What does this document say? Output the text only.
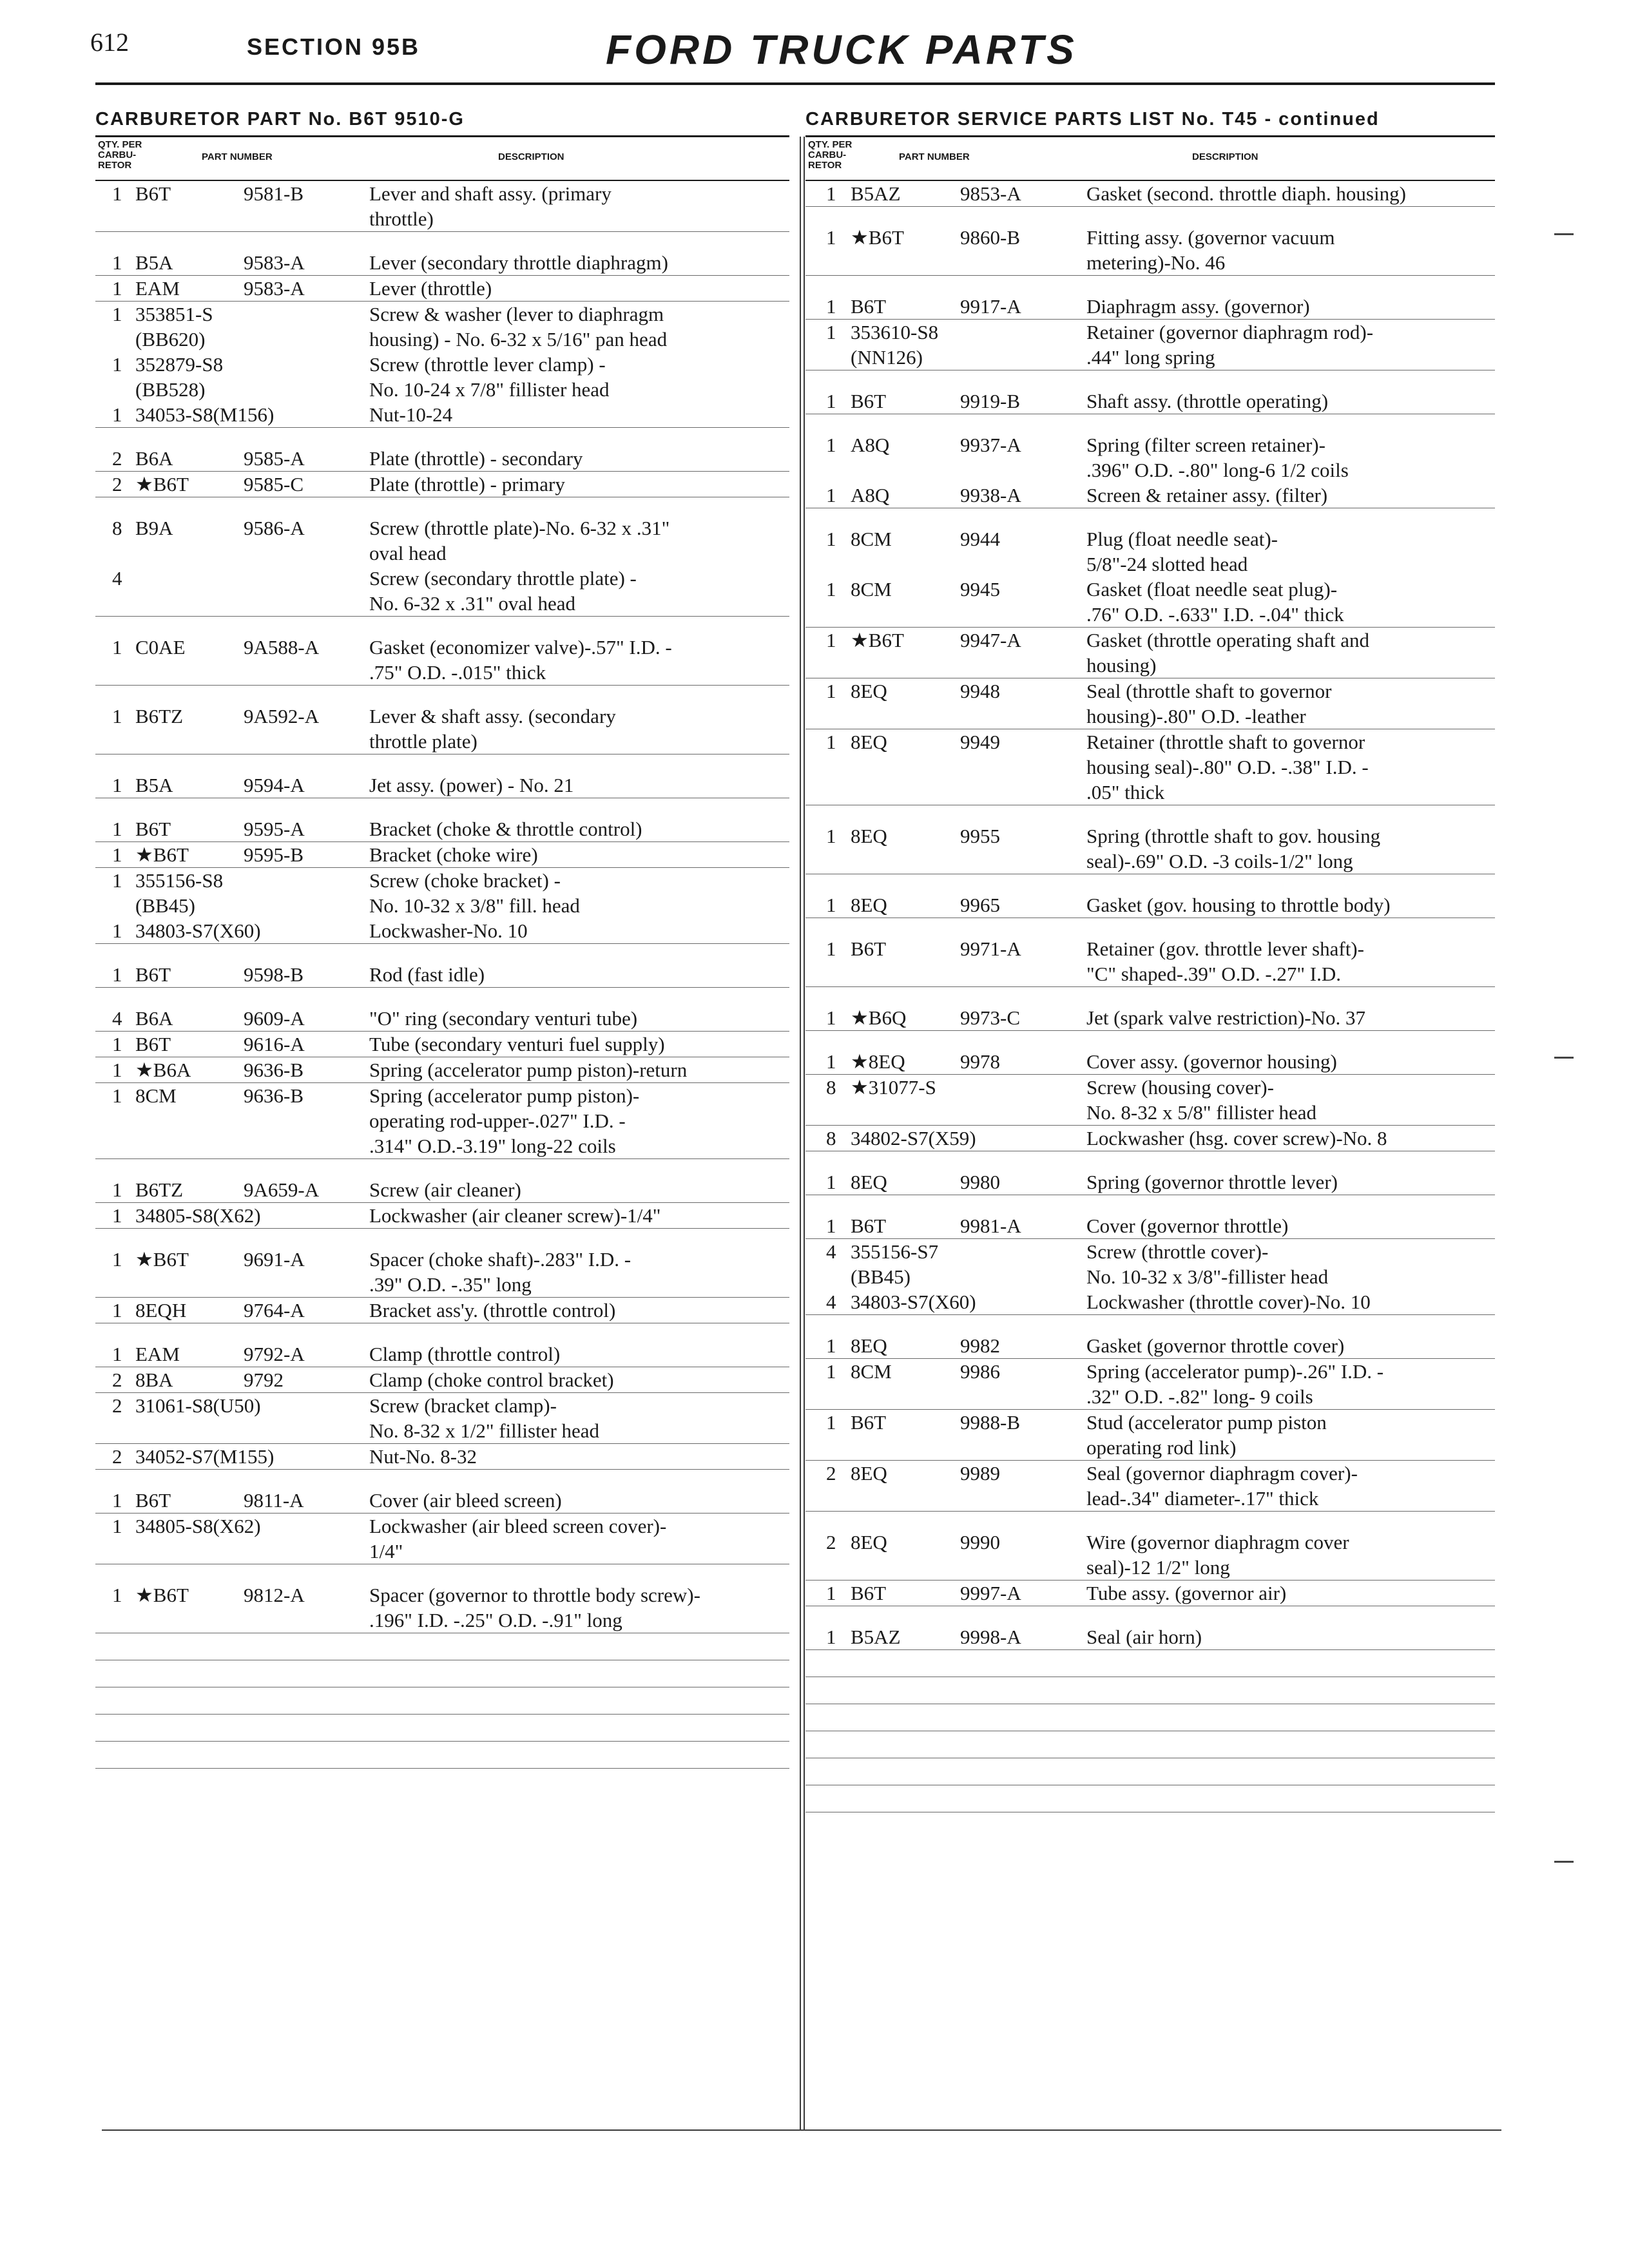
612	SECTION 95B	FORD TRUCK PARTS
CARBURETOR PART No. B6T 9510-G
QTY. PER CARBU- RETOR
PART NUMBER	DESCRIPTION
1 B6T	9581-B	Lever and shaft assy. (primary
throttle)
1 B5A	9583-A	Lever (secondary throttle diaphragm)
1 EAM	9583-A	Lever (throttle)
1 353851-S	Screw & washer (lever to diaphragm
(BB620)	housing) - No. 6-32 x 5/16" pan head
1 352879-S8	Screw (throttle lever clamp) -
(BB528)	No. 10-24 x 7/8" fillister head
1 34053-S8(M156)	Nut-10-24
2 B6A	9585-A	Plate (throttle) - secondary
2 ★B6T	9585-C	Plate (throttle) - primary
8 B9A	9586-A	Screw (throttle plate)-No. 6-32 x .31"
oval head
4	Screw (secondary throttle plate) -
No. 6-32 x .31" oval head
1 C0AE	9A588-A	Gasket (economizer valve)-.57" I.D. -
.75" O.D. -.015" thick
1 B6TZ	9A592-A	Lever & shaft assy. (secondary
throttle plate)
1 B5A	9594-A	Jet assy. (power) - No. 21
1 B6T	9595-A	Bracket (choke & throttle control)
1 ★B6T	9595-B	Bracket (choke wire)
1 355156-S8	Screw (choke bracket) -
(BB45)	No. 10-32 x 3/8" fill. head
1 34803-S7(X60)	Lockwasher-No. 10
1 B6T	9598-B	Rod (fast idle)
4 B6A	9609-A	"O" ring (secondary venturi tube)
1 B6T	9616-A	Tube (secondary venturi fuel supply)
1 ★B6A	9636-B	Spring (accelerator pump piston)-return
1 8CM	9636-B	Spring (accelerator pump piston)-
operating rod-upper-.027" I.D. -
.314" O.D.-3.19" long-22 coils
1 B6TZ	9A659-A	Screw (air cleaner)
1 34805-S8(X62)	Lockwasher (air cleaner screw)-1/4"
1 ★B6T	9691-A	Spacer (choke shaft)-.283" I.D. -
.39" O.D. -.35" long
1 8EQH	9764-A	Bracket ass'y. (throttle control)
1 EAM	9792-A	Clamp (throttle control)
2 8BA	9792	Clamp (choke control bracket)
2 31061-S8(U50)	Screw (bracket clamp)-
No. 8-32 x 1/2" fillister head
2 34052-S7(M155)	Nut-No. 8-32
1 B6T	9811-A	Cover (air bleed screen)
1 34805-S8(X62)	Lockwasher (air bleed screen cover)-
1/4"
1 ★B6T	9812-A	Spacer (governor to throttle body screw)-
.196" I.D. -.25" O.D. -.91" long
CARBURETOR SERVICE PARTS LIST No. T45 - continued
QTY. PER CARBU- RETOR
PART NUMBER	DESCRIPTION
1 B5AZ	9853-A	Gasket (second. throttle diaph. housing)
1 ★B6T	9860-B	Fitting assy. (governor vacuum
metering)-No. 46
1 B6T	9917-A	Diaphragm assy. (governor)
1 353610-S8	Retainer (governor diaphragm rod)-
(NN126)	.44" long spring
1 B6T	9919-B	Shaft assy. (throttle operating)
1 A8Q	9937-A	Spring (filter screen retainer)-
.396" O.D. -.80" long-6 1/2 coils
1 A8Q	9938-A	Screen & retainer assy. (filter)
1 8CM	9944	Plug (float needle seat)-
5/8"-24 slotted head
1 8CM	9945	Gasket (float needle seat plug)-
.76" O.D. -.633" I.D. -.04" thick
1 ★B6T	9947-A	Gasket (throttle operating shaft and
housing)
1 8EQ	9948	Seal (throttle shaft to governor
housing)-.80" O.D. -leather
1 8EQ	9949	Retainer (throttle shaft to governor
housing seal)-.80" O.D. -.38" I.D. -
.05" thick
1 8EQ	9955	Spring (throttle shaft to gov. housing
seal)-.69" O.D. -3 coils-1/2" long
1 8EQ	9965	Gasket (gov. housing to throttle body)
1 B6T	9971-A	Retainer (gov. throttle lever shaft)-
"C" shaped-.39" O.D. -.27" I.D.
1 ★B6Q	9973-C	Jet (spark valve restriction)-No. 37
1 ★8EQ	9978	Cover assy. (governor housing)
8 ★31077-S	Screw (housing cover)-
No. 8-32 x 5/8" fillister head
8 34802-S7(X59)	Lockwasher (hsg. cover screw)-No. 8
1 8EQ	9980	Spring (governor throttle lever)
1 B6T	9981-A	Cover (governor throttle)
4 355156-S7	Screw (throttle cover)-
(BB45)	No. 10-32 x 3/8"-fillister head
4 34803-S7(X60)	Lockwasher (throttle cover)-No. 10
1 8EQ	9982	Gasket (governor throttle cover)
1 8CM	9986	Spring (accelerator pump)-.26" I.D. -
.32" O.D. -.82" long- 9 coils
1 B6T	9988-B	Stud (accelerator pump piston
operating rod link)
2 8EQ	9989	Seal (governor diaphragm cover)-
lead-.34" diameter-.17" thick
2 8EQ	9990	Wire (governor diaphragm cover
seal)-12 1/2" long
1 B6T	9997-A	Tube assy. (governor air)
1 B5AZ	9998-A	Seal (air horn)
